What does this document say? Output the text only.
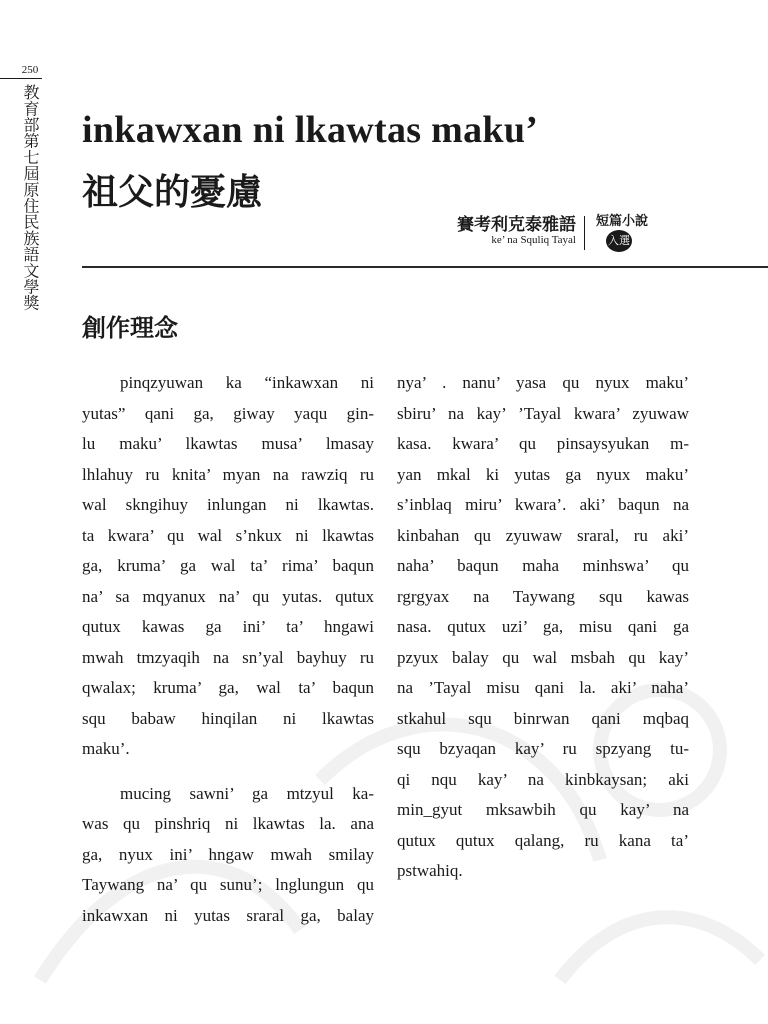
250
教育部第七屆原住民族語文學獎 inkawxan ni lkawtas maku’
祖父的憂慮
賽考利克泰雅語
ke’ na Squliq Tayal
短篇小說
入選
創作理念

pinqzyuwan ka “inkawxan ni

yutas” qani ga, giway yaqu gin-

lu maku’ lkawtas musa’ lmasay

lhlahuy ru knita’ myan na rawziq ru

wal skngihuy inlungan ni lkawtas.

ta kwara’ qu wal s’nkux ni lkawtas

ga, kruma’ ga wal ta’ rima’ baqun

na’ sa mqyanux na’ qu yutas. qutux

qutux kawas ga ini’ ta’ hngawi

mwah tmzyaqih na sn’yal bayhuy ru

qwalax; kruma’ ga, wal ta’ baqun

squ babaw hinqilan ni lkawtas

maku’.

mucing sawni’ ga mtzyul ka-

was qu pinshriq ni lkawtas la. ana

ga, nyux ini’ hngaw mwah smilay

Taywang na’ qu sunu’; lnglungun qu

inkawxan ni yutas sraral ga, balay

nya’ . nanu’ yasa qu nyux maku’

sbiru’ na kay’ ’Tayal kwara’ zyuwaw

kasa. kwara’ qu pinsaysyukan m-

yan mkal ki yutas ga nyux maku’

s’inblaq miru’ kwara’. aki’ baqun na

kinbahan qu zyuwaw sraral, ru aki’

naha’ baqun maha minhswa’ qu

rgrgyax na Taywang squ kawas

nasa. qutux uzi’ ga, misu qani ga

pzyux balay qu wal msbah qu kay’

na ’Tayal misu qani la. aki’ naha’

stkahul squ binrwan qani mqbaq

squ bzyaqan kay’ ru spzyang tu-

qi nqu kay’ na kinbkaysan; aki

min_gyut mksawbih qu kay’ na

qutux qutux qalang, ru kana ta’

pstwahiq.
